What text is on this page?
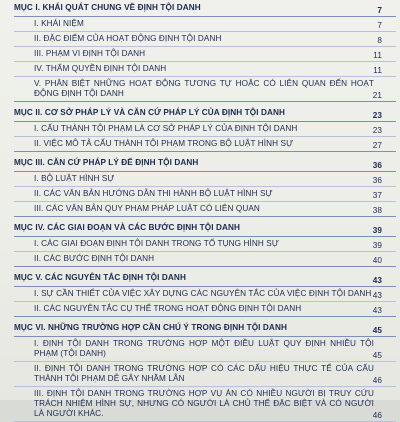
MỤC I. KHÁI QUÁT CHUNG VỀ ĐỊNH TỘI DANH	7
I. KHÁI NIỆM	7
II. ĐẶC ĐIỂM CỦA HOẠT ĐỘNG ĐỊNH TỘI DANH	8
III. PHẠM VI ĐỊNH TỘI DANH	11
IV. THẨM QUYỀN ĐỊNH TỘI DANH	11
V. PHÂN BIỆT NHỮNG HOẠT ĐỘNG TƯƠNG TỰ HOẶC CÓ LIÊN QUAN ĐẾN HOẠT ĐỘNG ĐỊNH TỘI DANH	21
MỤC II. CƠ SỞ PHÁP LÝ VÀ CĂN CỨ PHÁP LÝ CỦA ĐỊNH TỘI DANH	23
I. CẤU THÀNH TỘI PHẠM LÀ CƠ SỞ PHÁP LÝ CỦA ĐỊNH TỘI DANH	23
II. VIỆC MÔ TẢ CẤU THÀNH TỘI PHẠM TRONG BỘ LUẬT HÌNH SỰ	27
MỤC III. CĂN CỨ PHÁP LÝ ĐỂ ĐỊNH TỘI DANH	36
I. BỘ LUẬT HÌNH SỰ	36
II. CÁC VĂN BẢN HƯỚNG DẪN THI HÀNH BỘ LUẬT HÌNH SỰ	37
III. CÁC VĂN BẢN QUY PHẠM PHÁP LUẬT CÓ LIÊN QUAN	38
MỤC IV. CÁC GIAI ĐOẠN VÀ CÁC BƯỚC ĐỊNH TỘI DANH	39
I. CÁC GIAI ĐOẠN ĐỊNH TỘI DANH TRONG TỐ TỤNG HÌNH SỰ	39
II. CÁC BƯỚC ĐỊNH TỘI DANH	40
MỤC V. CÁC NGUYÊN TẮC ĐỊNH TỘI DANH	43
I. SỰ CẦN THIẾT CỦA VIỆC XÂY DỰNG CÁC NGUYÊN TẮC CỦA VIỆC ĐỊNH TỘI DANH 43
II. CÁC NGUYÊN TẮC CỤ THỂ TRONG HOẠT ĐỘNG ĐỊNH TỘI DANH	43
MỤC VI. NHỮNG TRƯỜNG HỢP CẦN CHÚ Ý TRONG ĐỊNH TỘI DANH	45
I. ĐỊNH TỘI DANH TRONG TRƯỜNG HỢP MỘT ĐIỀU LUẬT QUY ĐỊNH NHIỀU TỘI PHẠM (TỘI DANH)	45
II. ĐỊNH TỘI DANH TRONG TRƯỜNG HỢP CÓ CÁC DẤU HIỆU THỰC TẾ CỦA CẤU THÀNH TỘI PHẠM DỄ GÂY NHẦM LẪN	46
III. ĐỊNH TỘI DANH TRONG TRƯỜNG HỢP VỤ ÁN CÓ NHIỀU NGƯỜI BỊ TRUY CỨU TRÁCH NHIỆM HÌNH SỰ, NHƯNG CÓ NGƯỜI LÀ CHỦ THỂ ĐẶC BIỆT VÀ CÓ NGƯỜI LÀ NGƯỜI KHÁC.	46
